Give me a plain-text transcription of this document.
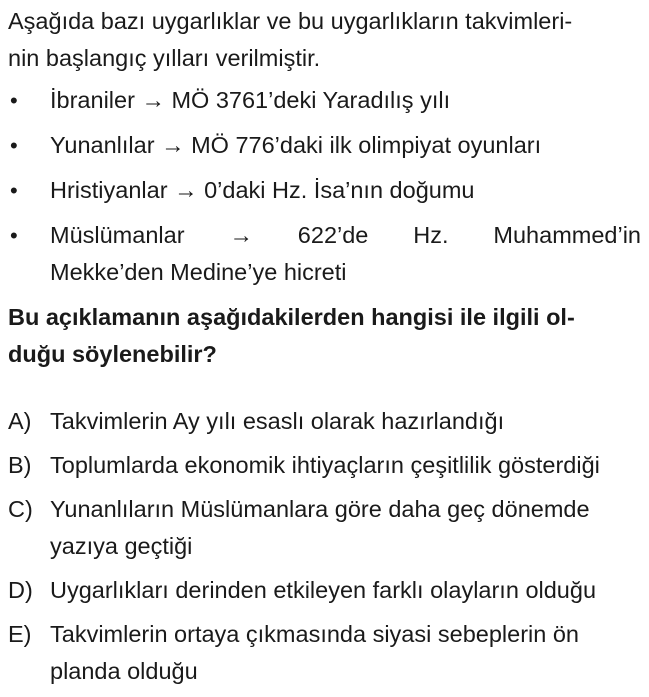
Aşağıda bazı uygarlıklar ve bu uygarlıkların takvimleri-
nin başlangıç yılları verilmiştir.

• İbraniler → MÖ 3761’deki Yaradılış yılı
• Yunanlılar → MÖ 776’daki ilk olimpiyat oyunları
• Hristiyanlar → 0’daki Hz. İsa’nın doğumu
• Müslümanlar → 622’de Hz. Muhammed’in
Mekke’den Medine’ye hicreti

Bu açıklamanın aşağıdakilerden hangisi ile ilgili ol-
duğu söylenebilir?

A) Takvimlerin Ay yılı esaslı olarak hazırlandığı
B) Toplumlarda ekonomik ihtiyaçların çeşitlilik gösterdiği
C) Yunanlıların Müslümanlara göre daha geç dönemde
yazıya geçtiği
D) Uygarlıkları derinden etkileyen farklı olayların olduğu
E) Takvimlerin ortaya çıkmasında siyasi sebeplerin ön
planda olduğu
